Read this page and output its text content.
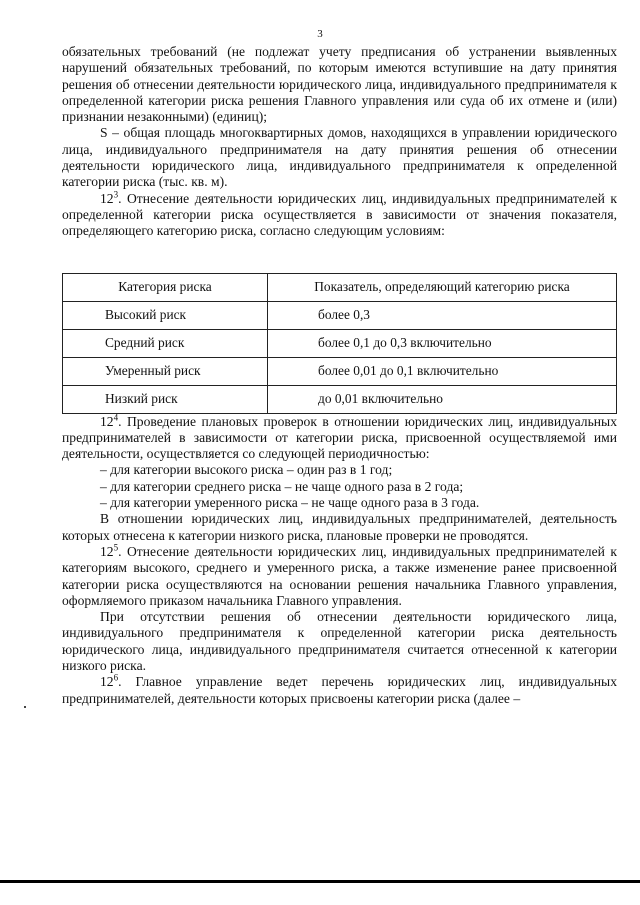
3

обязательных требований (не подлежат учету предписания об устранении выявленных нарушений обязательных требований, по которым имеются вступившие на дату принятия решения об отнесении деятельности юридического лица, индивидуального предпринимателя к определенной категории риска решения Главного управления или суда об их отмене и (или) признании незаконными) (единиц);

S – общая площадь многоквартирных домов, находящихся в управлении юридического лица, индивидуального предпринимателя на дату принятия решения об отнесении деятельности юридического лица, индивидуального предпринимателя к определенной категории риска (тыс. кв. м).

$12^3$. Отнесение деятельности юридических лиц, индивидуальных предпринимателей к определенной категории риска осуществляется в зависимости от значения показателя, определяющего категорию риска, согласно следующим условиям:

Категория риска	Показатель, определяющий категорию риска
Высокий риск	более 0,3
Средний риск	более 0,1 до 0,3 включительно
Умеренный риск	более 0,01 до 0,1 включительно
Низкий риск	до 0,01 включительно

$12^4$. Проведение плановых проверок в отношении юридических лиц, индивидуальных предпринимателей в зависимости от категории риска, присвоенной осуществляемой ими деятельности, осуществляется со следующей периодичностью:

– для категории высокого риска – один раз в 1 год;

– для категории среднего риска – не чаще одного раза в 2 года;

– для категории умеренного риска – не чаще одного раза в 3 года.

В отношении юридических лиц, индивидуальных предпринимателей, деятельность которых отнесена к категории низкого риска, плановые проверки не проводятся.

$12^5$. Отнесение деятельности юридических лиц, индивидуальных предпринимателей к категориям высокого, среднего и умеренного риска, а также изменение ранее присвоенной категории риска осуществляются на основании решения начальника Главного управления, оформляемого приказом начальника Главного управления.

При отсутствии решения об отнесении деятельности юридического лица, индивидуального предпринимателя к определенной категории риска деятельность юридического лица, индивидуального предпринимателя считается отнесенной к категории низкого риска.

$12^6$. Главное управление ведет перечень юридических лиц, индивидуальных предпринимателей, деятельности которых присвоены категории риска (далее –
